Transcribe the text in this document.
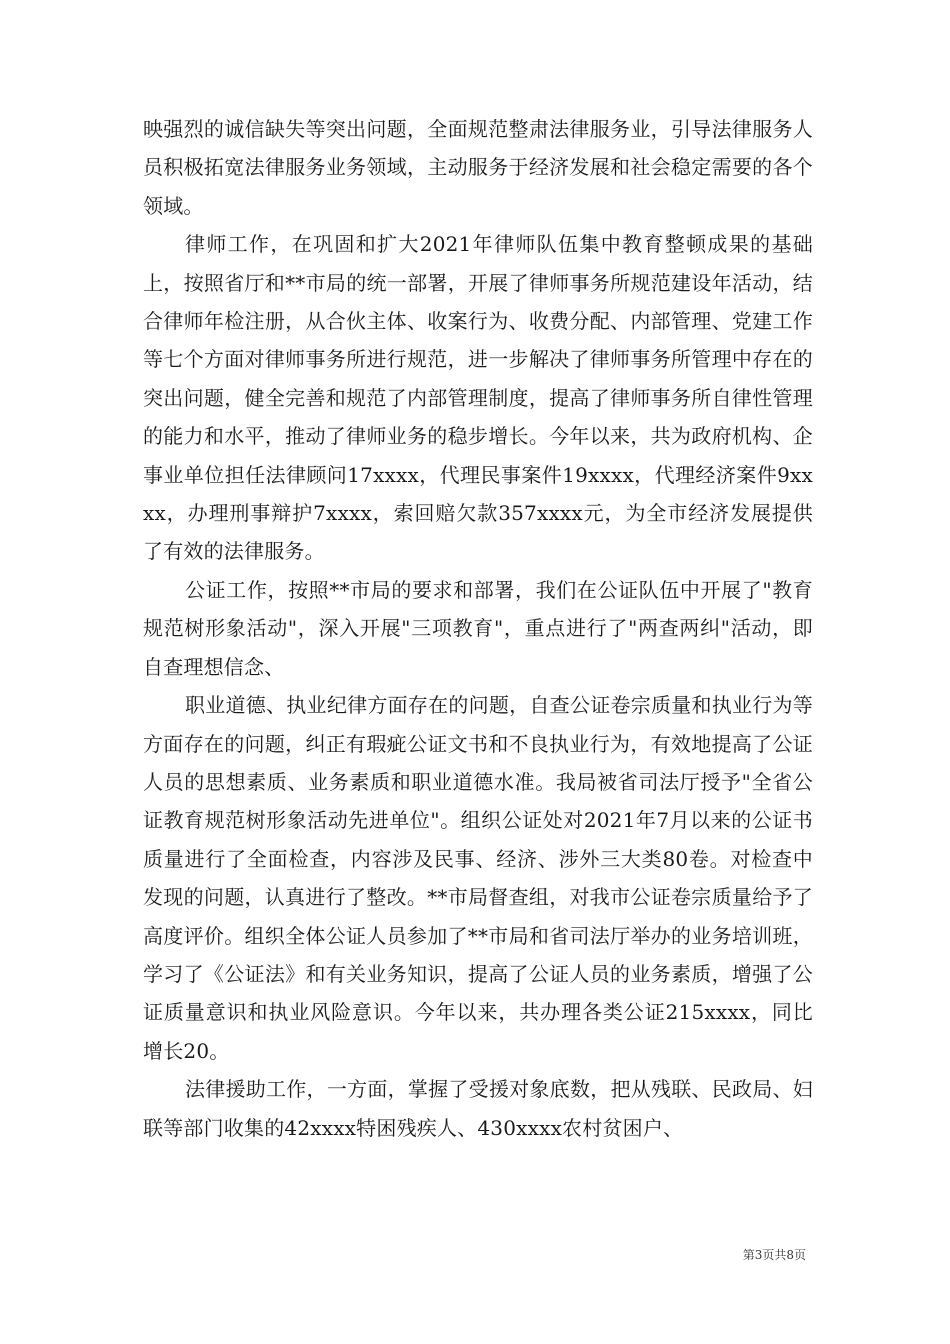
映强烈的诚信缺失等突出问题，全面规范整肃法律服务业，引导法律服务人员积极拓宽法律服务业务领域，主动服务于经济发展和社会稳定需要的各个领域。

律师工作，在巩固和扩大2021年律师队伍集中教育整顿成果的基础上，按照省厅和**市局的统一部署，开展了律师事务所规范建设年活动，结合律师年检注册，从合伙主体、收案行为、收费分配、内部管理、党建工作等七个方面对律师事务所进行规范，进一步解决了律师事务所管理中存在的突出问题，健全完善和规范了内部管理制度，提高了律师事务所自律性管理的能力和水平，推动了律师业务的稳步增长。今年以来，共为政府机构、企事业单位担任法律顾问17xxxx，代理民事案件19xxxx，代理经济案件9xxxx，办理刑事辩护7xxxx，索回赔欠款357xxxx元，为全市经济发展提供了有效的法律服务。

公证工作，按照**市局的要求和部署，我们在公证队伍中开展了"教育规范树形象活动"，深入开展"三项教育"，重点进行了"两查两纠"活动，即自查理想信念、

职业道德、执业纪律方面存在的问题，自查公证卷宗质量和执业行为等方面存在的问题，纠正有瑕疵公证文书和不良执业行为，有效地提高了公证人员的思想素质、业务素质和职业道德水准。我局被省司法厅授予"全省公证教育规范树形象活动先进单位"。组织公证处对2021年7月以来的公证书质量进行了全面检查，内容涉及民事、经济、涉外三大类80卷。对检查中发现的问题，认真进行了整改。**市局督查组，对我市公证卷宗质量给予了高度评价。组织全体公证人员参加了**市局和省司法厅举办的业务培训班，学习了《公证法》和有关业务知识，提高了公证人员的业务素质，增强了公证质量意识和执业风险意识。今年以来，共办理各类公证215xxxx，同比增长20。

法律援助工作，一方面，掌握了受援对象底数，把从残联、民政局、妇联等部门收集的42xxxx特困残疾人、430xxxx农村贫困户、

第3页共8页
